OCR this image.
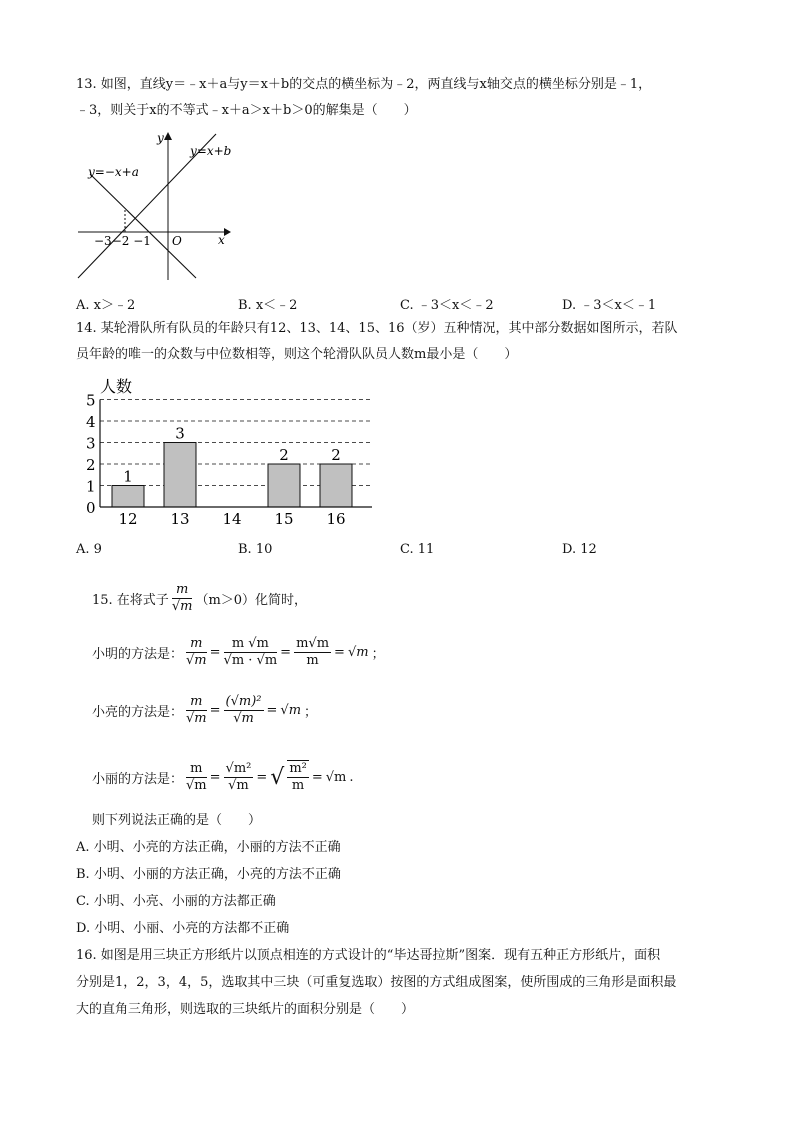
13. 如图，直线y＝﹣x＋a与y＝x＋b的交点的横坐标为﹣2，两直线与x轴交点的横坐标分别是﹣1，
﹣3，则关于x的不等式﹣x＋a＞x＋b＞0的解集是（　　）
y
x
O
y=x+b
y=−x+a
−3−2 −1
A. x＞﹣2	B. x＜﹣2	C. ﹣3＜x＜﹣2	D. ﹣3＜x＜﹣1
14. 某轮滑队所有队员的年龄只有12、13、14、15、16（岁）五种情况，其中部分数据如图所示，若队
员年龄的唯一的众数与中位数相等，则这个轮滑队队员人数m最小是（　　）
0
1
2
3
4
5
12 13 14 15 16
1
3
2	2
人数
A. 9	B. 10	C. 11	D. 12
15. 在将式子 $\frac{m}{√m} (m>0)$化简时，
小明的方法是： $\frac{m}{√m} = \frac{m √m}{√m \cdot √m} = \frac{m√m}{m} = √m$ ；
小亮的方法是： $\frac{m}{√m} = \frac{\text{(√m)²}}{√m} = √m$ ；
小丽的方法是： $\frac{m}{√m} = \frac{\text{√m²}}{√m}$ = √ $\frac{\text{m²}}{m} = √m$ .
则下列说法正确的是（　　）
A. 小明、小亮的方法正确，小丽的方法不正确
B. 小明、小丽的方法正确，小亮的方法不正确
C. 小明、小亮、小丽的方法都正确
D. 小明、小丽、小亮的方法都不正确
16. 如图是用三块正方形纸片以顶点相连的方式设计的“毕达哥拉斯”图案．现有五种正方形纸片，面积
分别是1，2，3，4，5，选取其中三块（可重复选取）按图的方式组成图案，使所围成的三角形是面积最
大的直角三角形，则选取的三块纸片的面积分别是（　　）
